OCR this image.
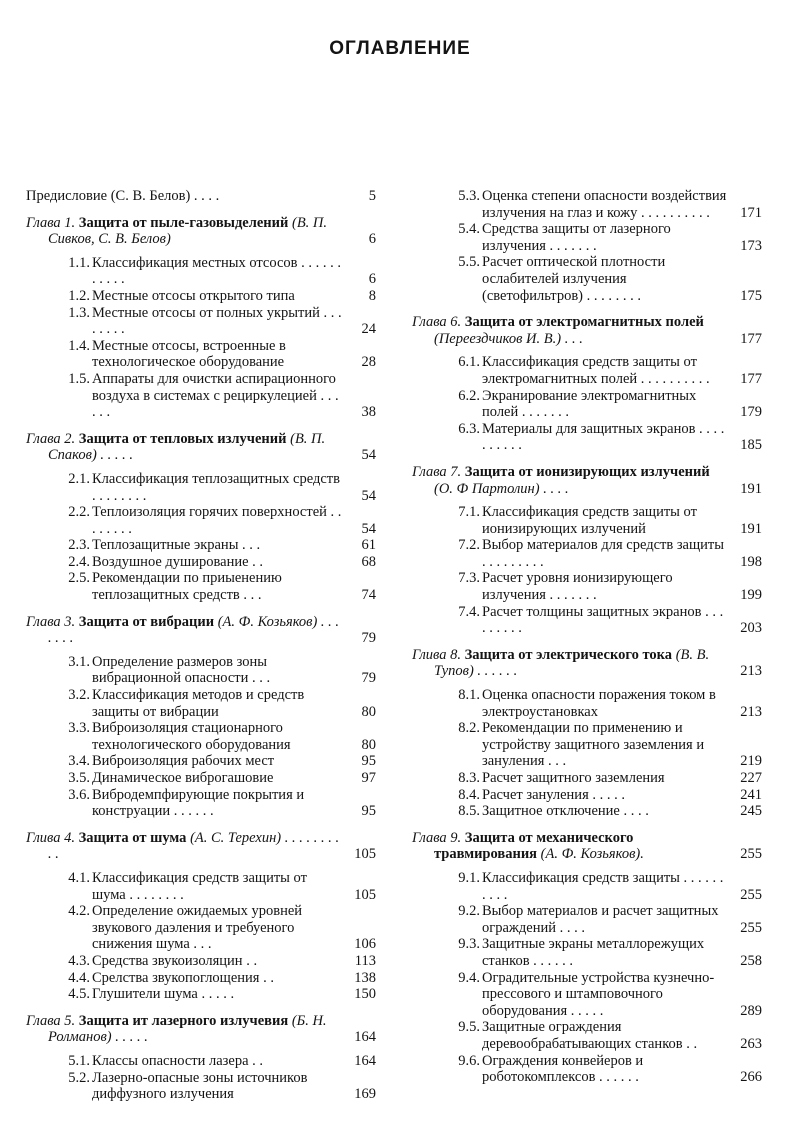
ОГЛАВЛЕНИЕ
Предисловие (С. В. Белов) . . . .	5
Глава 1. Защита от пыле-газовыделений (В. П. Сивков, С. В. Белов)	6
1.1. Классификация местных отсосов . . . . . . . . . . .	6
1.2. Местные отсосы открытого типа	8
1.3. Местные отсосы от полных укрытий . . . . . . . .	24
1.4. Местные отсосы, встроенные в технологическое оборудование	28
1.5. Аппараты для очистки аспирационного воздуха в системах с рециркулецией . . . . . .	38
Глава 2. Защита от тепловых излучений (В. П. Спаков) . . . . .	54
2.1. Классификация теплозащитных средств . . . . . . . .	54
2.2. Теплоизоляция горячих поверхностей . . . . . . . .	54
2.3. Теплозащитные экраны . . .	61
2.4. Воздушное душирование . .	68
2.5. Рекомендации по приыенению теплозащитных средств . . .	74
Глава 3. Защита от вибрации (А. Ф. Козьяков) . . . . . . .	79
3.1. Определение размеров зоны вибрационной опасности . . .	79
3.2. Классификация методов и средств защиты от вибрации	80
3.3. Виброизоляция стационарного технологического оборудования	80
3.4. Виброизоляция рабочих мест	95
3.5. Динамическое виброгашовие	97
3.6. Вибродемпфирующие покрытия и конструации . . . . . .	95
Глива 4. Защита от шума (А. С. Терехин) . . . . . . . . . .	105
4.1. Классификация средств защиты от шума . . . . . . . .	105
4.2. Определение ожидаемых уровней звукового даэления и требуеного снижения шума . . .	106
4.3. Средства звукоизоляцин . .	113
4.4. Срелства звукопоглощения . .	138
4.5. Глушители шума . . . . .	150
Глава 5. Защита ит лазерного излучевия (Б. Н. Ролманов) . . . . .	164
5.1. Классы опасности лазера . .	164
5.2. Лазерно-опасные зоны источников диффузного излучения	169
5.3. Оценка степени опасности воздействия излучения на глаз и кожу . . . . . . . . . .	171
5.4. Средства защиты от лазерного излучения . . . . . . .	173
5.5. Расчет оптической плотности ослабителей излучения (светофильтров) . . . . . . . .	175
Глава 6. Защита от электромагнитных полей (Переездчиков И. В.) . . .	177
6.1. Классификация средств защиты от электромагнитных полей . . . . . . . . . .	177
6.2. Экранирование электромагнитных полей . . . . . . .	179
6.3. Материалы для защитных экранов . . . . . . . . . .	185
Глава 7. Защита от ионизирующих излучений (О. Ф Партолин) . . . .	191
7.1. Классификация средств защиты от ионизирующих излучений	191
7.2. Выбор материалов для средств защиты . . . . . . . . .	198
7.3. Расчет уровня ионизирующего излучения . . . . . . .	199
7.4. Расчет толщины защитных экранов . . . . . . . . .	203
Глива 8. Защита от электрического тока (В. В. Тупов) . . . . . .	213
8.1. Оценка опасности поражения током в электроустановках	213
8.2. Рекомендации по применению и устройству защитного заземления и зануления . . .	219
8.3. Расчет защитного заземления	227
8.4. Расчет зануления . . . . .	241
8.5. Защитное отключение . . . .	245
Глава 9. Защита от механического травмирования (А. Ф. Козьяков).	255
9.1. Классификация средств защиты . . . . . . . . . .	255
9.2. Выбор материалов и расчет защитных ограждений . . . .	255
9.3. Защитные экраны металлорежущих станков . . . . . .	258
9.4. Оградительные устройства кузнечно-прессового и штамповочного оборудования . . . . .	289
9.5. Защитные ограждения деревообрабатывающих станков . .	263
9.6. Ограждения конвейеров и роботокомплексов . . . . . .	266
